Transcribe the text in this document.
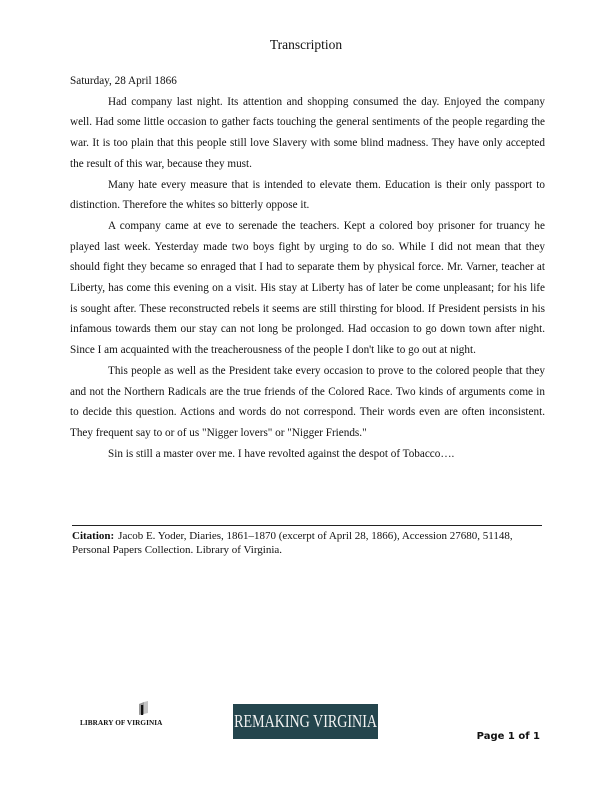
Transcription

Saturday, 28 April 1866

Had company last night. Its attention and shopping consumed the day. Enjoyed the company well. Had some little occasion to gather facts touching the general sentiments of the people regarding the war. It is too plain that this people still love Slavery with some blind madness. They have only accepted the result of this war, because they must.

Many hate every measure that is intended to elevate them. Education is their only passport to distinction. Therefore the whites so bitterly oppose it.

A company came at eve to serenade the teachers. Kept a colored boy prisoner for truancy he played last week. Yesterday made two boys fight by urging to do so. While I did not mean that they should fight they became so enraged that I had to separate them by physical force. Mr. Varner, teacher at Liberty, has come this evening on a visit. His stay at Liberty has of later be come unpleasant; for his life is sought after. These reconstructed rebels it seems are still thirsting for blood. If President persists in his infamous towards them our stay can not long be prolonged. Had occasion to go down town after night. Since I am acquainted with the treacherousness of the people I don't like to go out at night.

This people as well as the President take every occasion to prove to the colored people that they and not the Northern Radicals are the true friends of the Colored Race. Two kinds of arguments come in to decide this question. Actions and words do not correspond. Their words even are often inconsistent. They frequent say to or of us "Nigger lovers" or "Nigger Friends."

Sin is still a master over me. I have revolted against the despot of Tobacco….

Citation: Jacob E. Yoder, Diaries, 1861–1870 (excerpt of April 28, 1866), Accession 27680, 51148, Personal Papers Collection. Library of Virginia.
LIBRARY OF VIRGINIA	REMAKING VIRGINIA
Page 1 of 1
